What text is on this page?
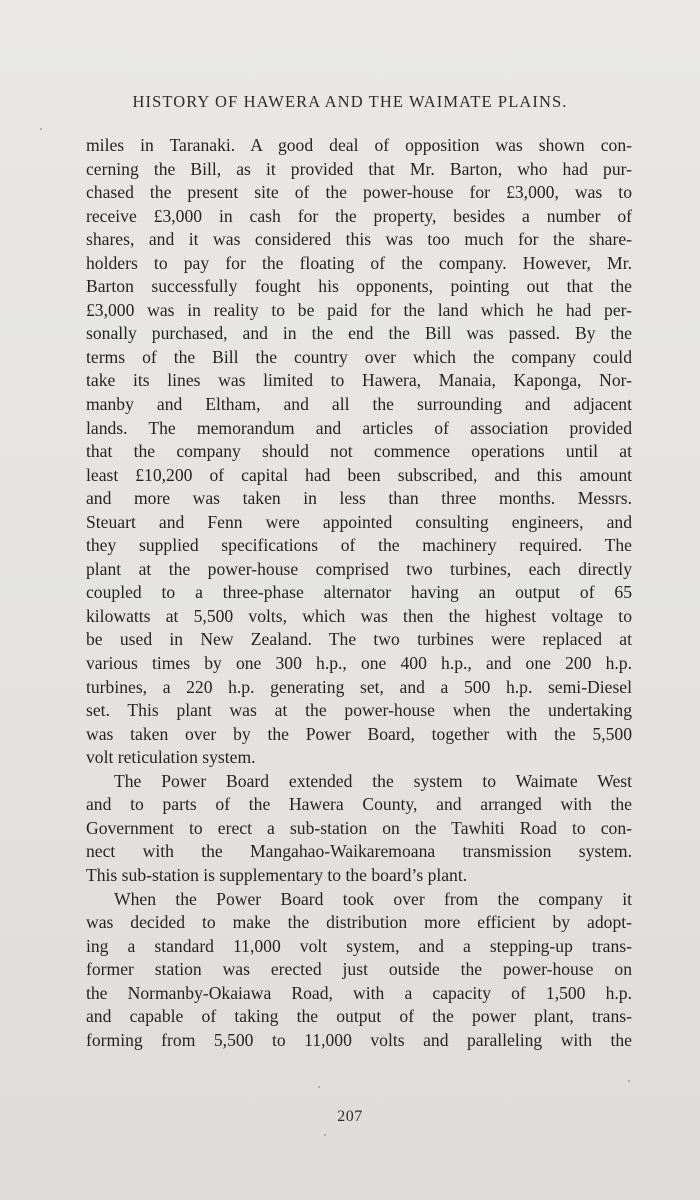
HISTORY OF HAWERA AND THE WAIMATE PLAINS.
miles in Taranaki. A good deal of opposition was shown con-
cerning the Bill, as it provided that Mr. Barton, who had pur-
chased the present site of the power-house for £3,000, was to
receive £3,000 in cash for the property, besides a number of
shares, and it was considered this was too much for the share-
holders to pay for the floating of the company. However, Mr.
Barton successfully fought his opponents, pointing out that the
£3,000 was in reality to be paid for the land which he had per-
sonally purchased, and in the end the Bill was passed. By the
terms of the Bill the country over which the company could
take its lines was limited to Hawera, Manaia, Kaponga, Nor-
manby and Eltham, and all the surrounding and adjacent
lands. The memorandum and articles of association provided
that the company should not commence operations until at
least £10,200 of capital had been subscribed, and this amount
and more was taken in less than three months. Messrs.
Steuart and Fenn were appointed consulting engineers, and
they supplied specifications of the machinery required. The
plant at the power-house comprised two turbines, each directly
coupled to a three-phase alternator having an output of 65
kilowatts at 5,500 volts, which was then the highest voltage to
be used in New Zealand. The two turbines were replaced at
various times by one 300 h.p., one 400 h.p., and one 200 h.p.
turbines, a 220 h.p. generating set, and a 500 h.p. semi-Diesel
set. This plant was at the power-house when the undertaking
was taken over by the Power Board, together with the 5,500
volt reticulation system.
The Power Board extended the system to Waimate West
and to parts of the Hawera County, and arranged with the
Government to erect a sub-station on the Tawhiti Road to con-
nect with the Mangahao-Waikaremoana transmission system.
This sub-station is supplementary to the board’s plant.
When the Power Board took over from the company it
was decided to make the distribution more efficient by adopt-
ing a standard 11,000 volt system, and a stepping-up trans-
former station was erected just outside the power-house on
the Normanby-Okaiawa Road, with a capacity of 1,500 h.p.
and capable of taking the output of the power plant, trans-
forming from 5,500 to 11,000 volts and paralleling with the
207
